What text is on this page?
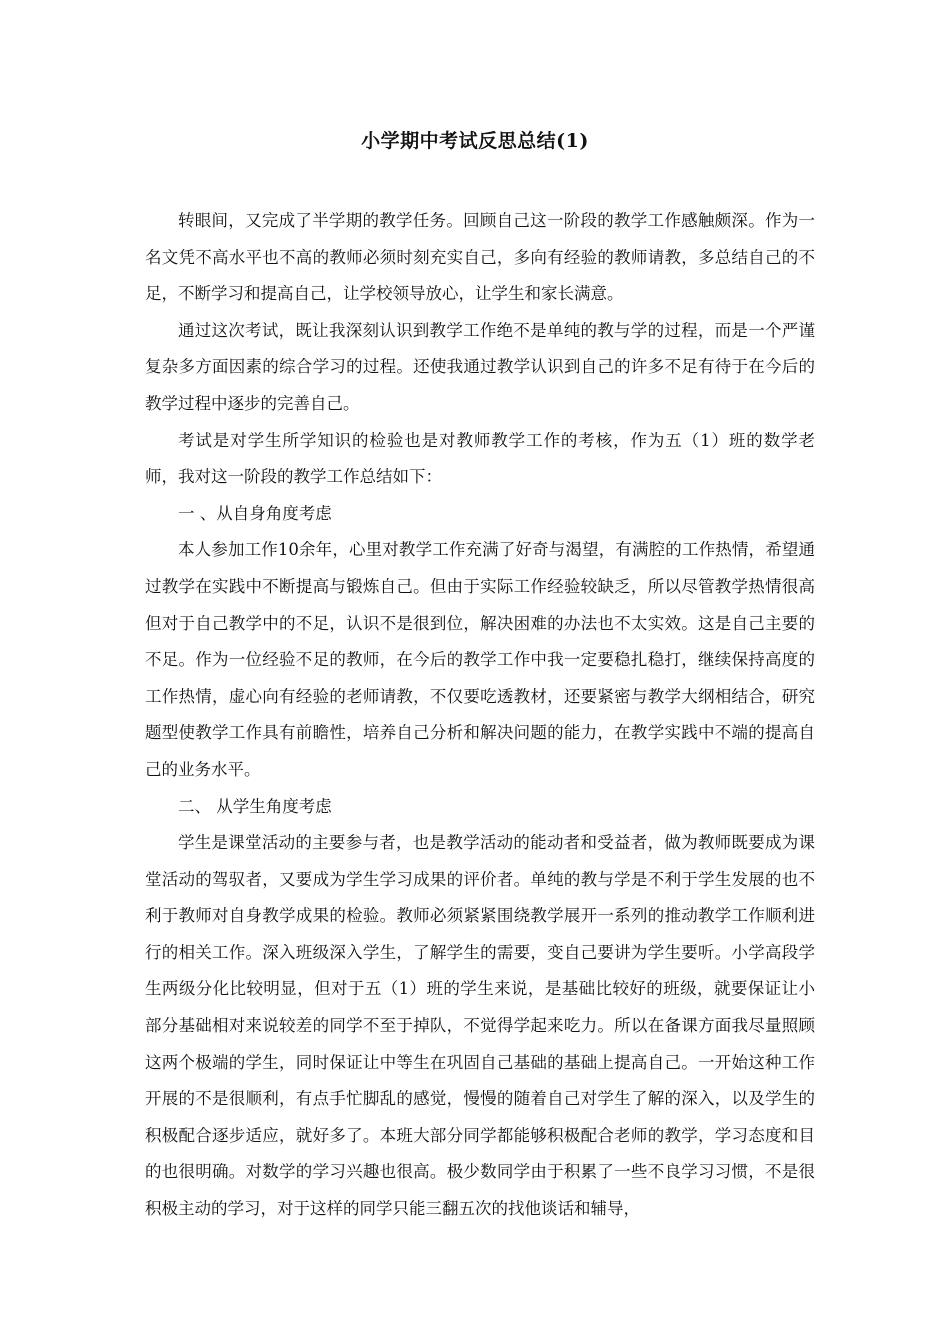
小学期中考试反思总结(1)

转眼间，又完成了半学期的教学任务。回顾自己这一阶段的教学工作感触颇深。作为一名文凭不高水平也不高的教师必须时刻充实自己，多向有经验的教师请教，多总结自己的不足，不断学习和提高自己，让学校领导放心，让学生和家长满意。

通过这次考试，既让我深刻认识到教学工作绝不是单纯的教与学的过程，而是一个严谨复杂多方面因素的综合学习的过程。还使我通过教学认识到自己的许多不足有待于在今后的教学过程中逐步的完善自己。

考试是对学生所学知识的检验也是对教师教学工作的考核，作为五（1）班的数学老师，我对这一阶段的教学工作总结如下：

一 、从自身角度考虑

本人参加工作10余年，心里对教学工作充满了好奇与渴望，有满腔的工作热情，希望通过教学在实践中不断提高与锻炼自己。但由于实际工作经验较缺乏，所以尽管教学热情很高但对于自己教学中的不足，认识不是很到位，解决困难的办法也不太实效。这是自己主要的不足。作为一位经验不足的教师，在今后的教学工作中我一定要稳扎稳打，继续保持高度的工作热情，虚心向有经验的老师请教，不仅要吃透教材，还要紧密与教学大纲相结合，研究题型使教学工作具有前瞻性，培养自己分析和解决问题的能力，在教学实践中不端的提高自己的业务水平。

二、 从学生角度考虑

学生是课堂活动的主要参与者，也是教学活动的能动者和受益者，做为教师既要成为课堂活动的驾驭者，又要成为学生学习成果的评价者。单纯的教与学是不利于学生发展的也不利于教师对自身教学成果的检验。教师必须紧紧围绕教学展开一系列的推动教学工作顺利进行的相关工作。深入班级深入学生，了解学生的需要，变自己要讲为学生要听。小学高段学生两级分化比较明显，但对于五（1）班的学生来说，是基础比较好的班级，就要保证让小部分基础相对来说较差的同学不至于掉队，不觉得学起来吃力。所以在备课方面我尽量照顾这两个极端的学生，同时保证让中等生在巩固自己基础的基础上提高自己。一开始这种工作开展的不是很顺利，有点手忙脚乱的感觉，慢慢的随着自己对学生了解的深入，以及学生的积极配合逐步适应，就好多了。本班大部分同学都能够积极配合老师的教学，学习态度和目的也很明确。对数学的学习兴趣也很高。极少数同学由于积累了一些不良学习习惯，不是很积极主动的学习，对于这样的同学只能三翻五次的找他谈话和辅导，
